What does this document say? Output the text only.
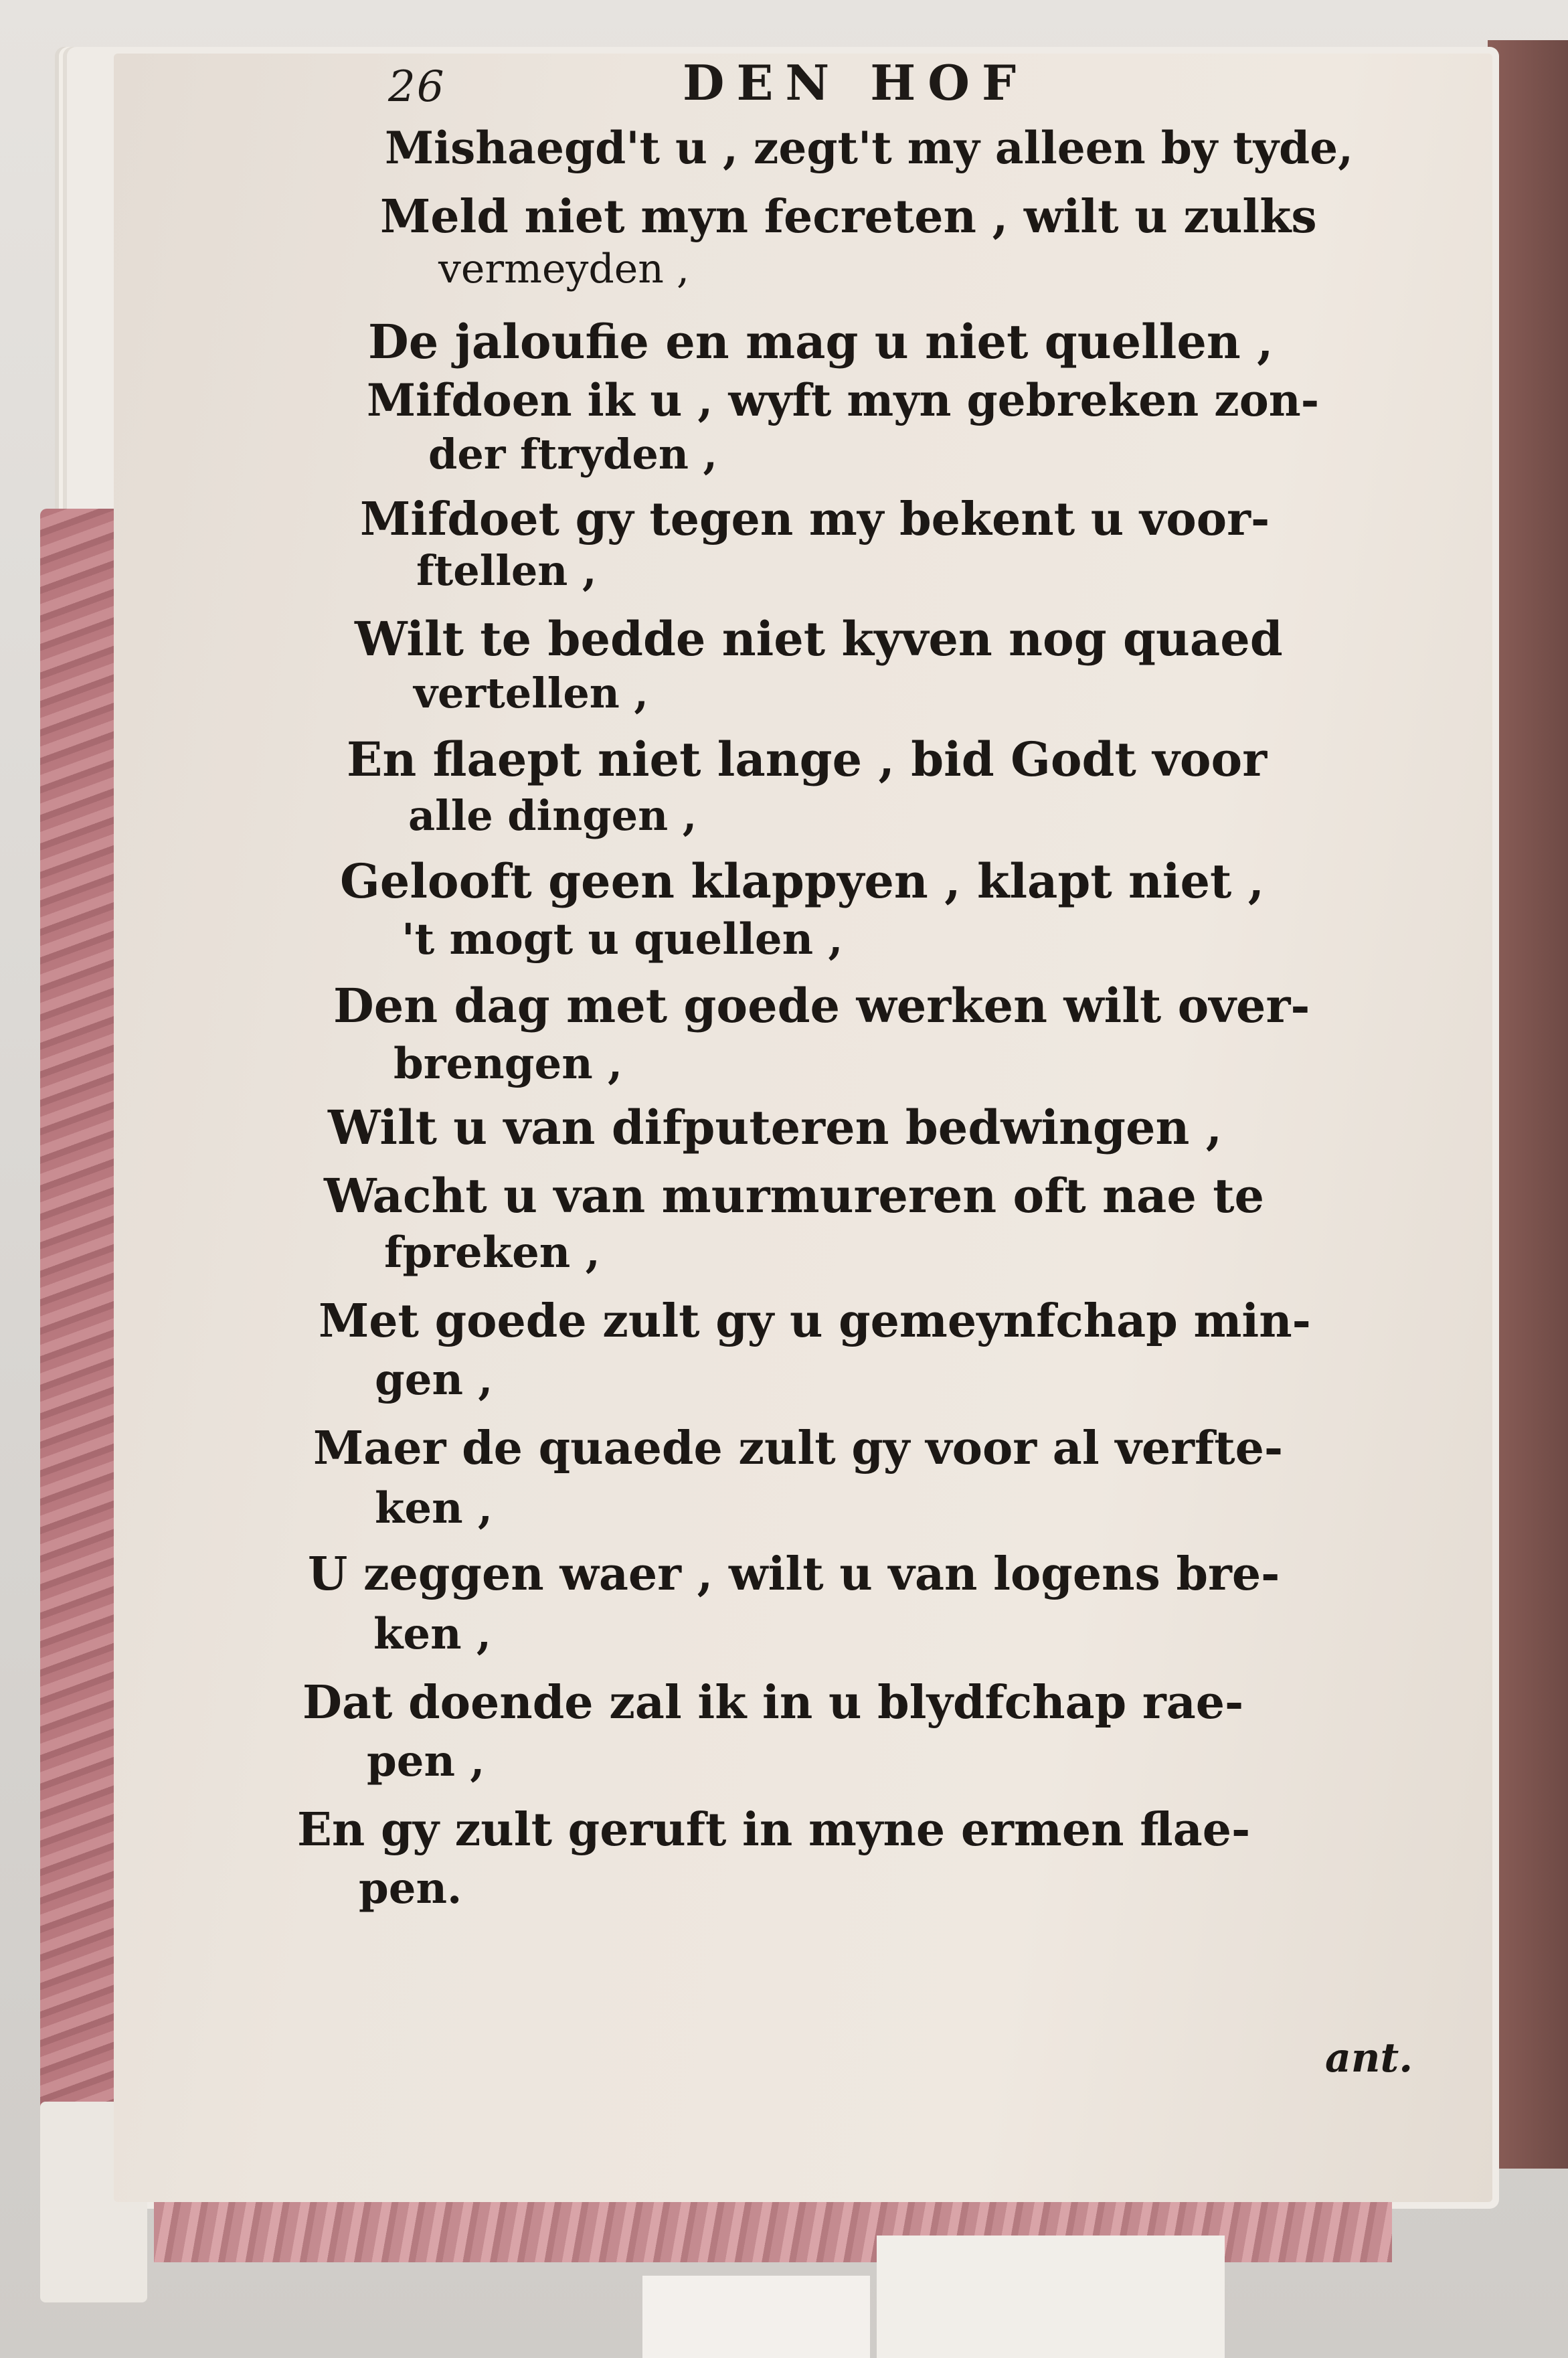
26	DEN HOF
Mishaegd't u , zegt't my alleen by tyde,
Meld niet myn fecreten , wilt u zulks
vermeyden ,
De jaloufie en mag u niet quellen ,
Mifdoen ik u , wyft myn gebreken zon-
der ftryden ,
Mifdoet gy tegen my bekent u voor-
ftellen ,
Wilt te bedde niet kyven nog quaed
vertellen ,
En flaept niet lange , bid Godt voor
alle dingen ,
Gelooft geen klappyen , klapt niet ,
't mogt u quellen ,
Den dag met goede werken wilt over-
brengen ,
Wilt u van difputeren bedwingen ,
Wacht u van murmureren oft nae te
fpreken ,
Met goede zult gy u gemeynfchap min-
gen ,
Maer de quaede zult gy voor al verfte-
ken ,
U zeggen waer , wilt u van logens bre-
ken ,
Dat doende zal ik in u blydfchap rae-
pen ,
En gy zult geruft in myne ermen flae-
pen.
ant.
